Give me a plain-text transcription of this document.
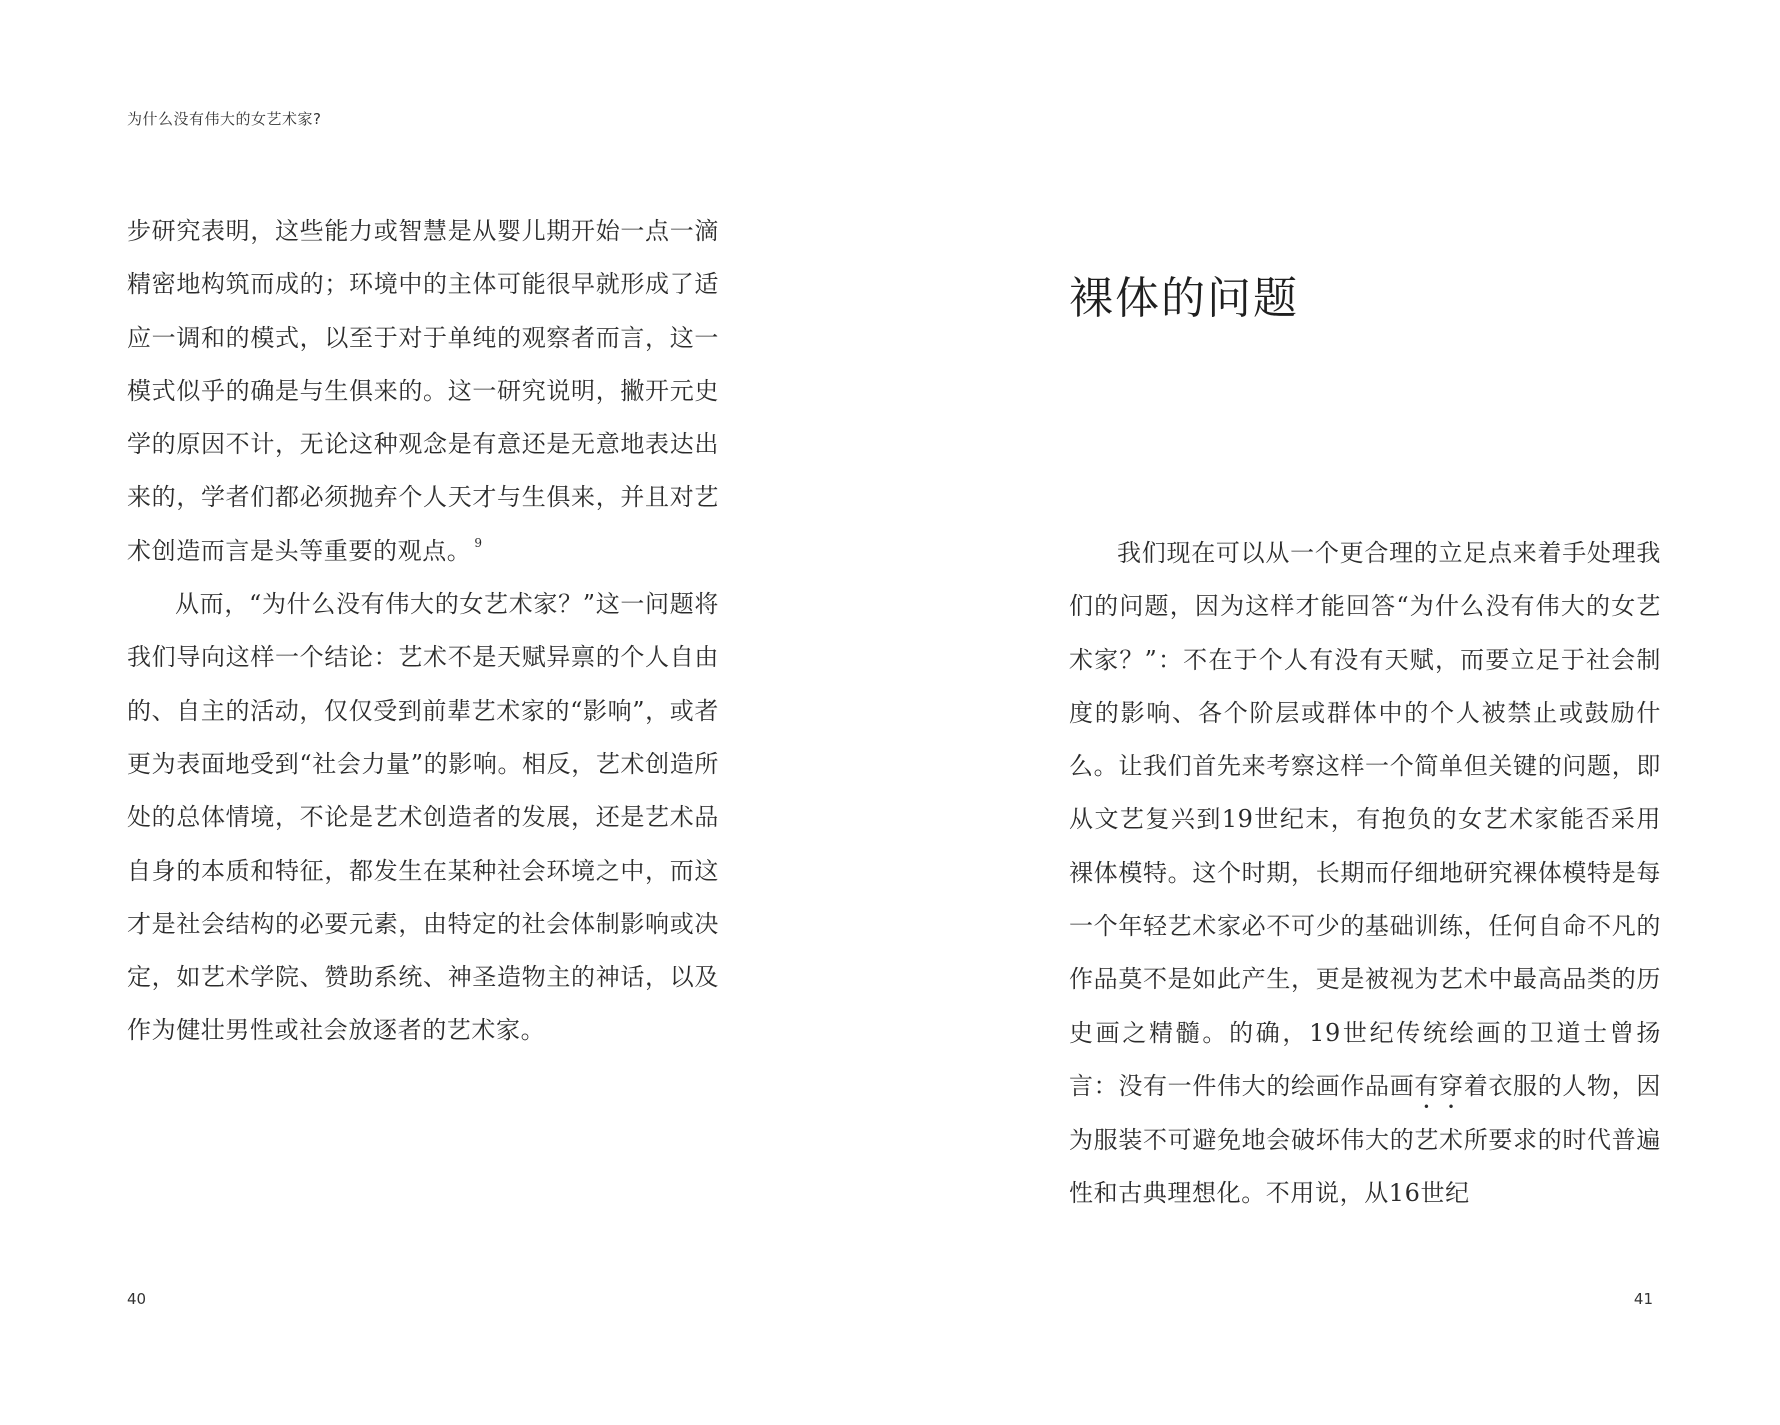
为什么没有伟大的女艺术家?

步研究表明，这些能力或智慧是从婴儿期开始一点一滴精密地构筑而成的；环境中的主体可能很早就形成了适应一调和的模式，以至于对于单纯的观察者而言，这一模式似乎的确是与生俱来的。这一研究说明，撇开元史学的原因不计，无论这种观念是有意还是无意地表达出来的，学者们都必须抛弃个人天才与生俱来，并且对艺术创造而言是头等重要的观点。 $^9$

从而，“为什么没有伟大的女艺术家？”这一问题将我们导向这样一个结论：艺术不是天赋异禀的个人自由的、自主的活动，仅仅受到前辈艺术家的“影响”，或者更为表面地受到“社会力量”的影响。相反，艺术创造所处的总体情境，不论是艺术创造者的发展，还是艺术品自身的本质和特征，都发生在某种社会环境之中，而这才是社会结构的必要元素，由特定的社会体制影响或决定，如艺术学院、赞助系统、神圣造物主的神话，以及作为健壮男性或社会放逐者的艺术家。

40
裸体的问题

我们现在可以从一个更合理的立足点来着手处理我们的问题，因为这样才能回答“为什么没有伟大的女艺术家？”：不在于个人有没有天赋，而要立足于社会制度的影响、各个阶层或群体中的个人被禁止或鼓励什么。让我们首先来考察这样一个简单但关键的问题，即从文艺复兴到19世纪末，有抱负的女艺术家能否采用裸体模特。这个时期，长期而仔细地研究裸体模特是每一个年轻艺术家必不可少的基础训练，任何自命不凡的作品莫不是如此产生，更是被视为艺术中最高品类的历史画之精髓。的确，19世纪传统绘画的卫道士曾扬言：没有一件伟大的绘画作品画有穿着衣服的人物，因为服装不可避免地会破坏伟大的艺术所要求的时代普遍性和古典理想化。不用说，从16世纪

41
